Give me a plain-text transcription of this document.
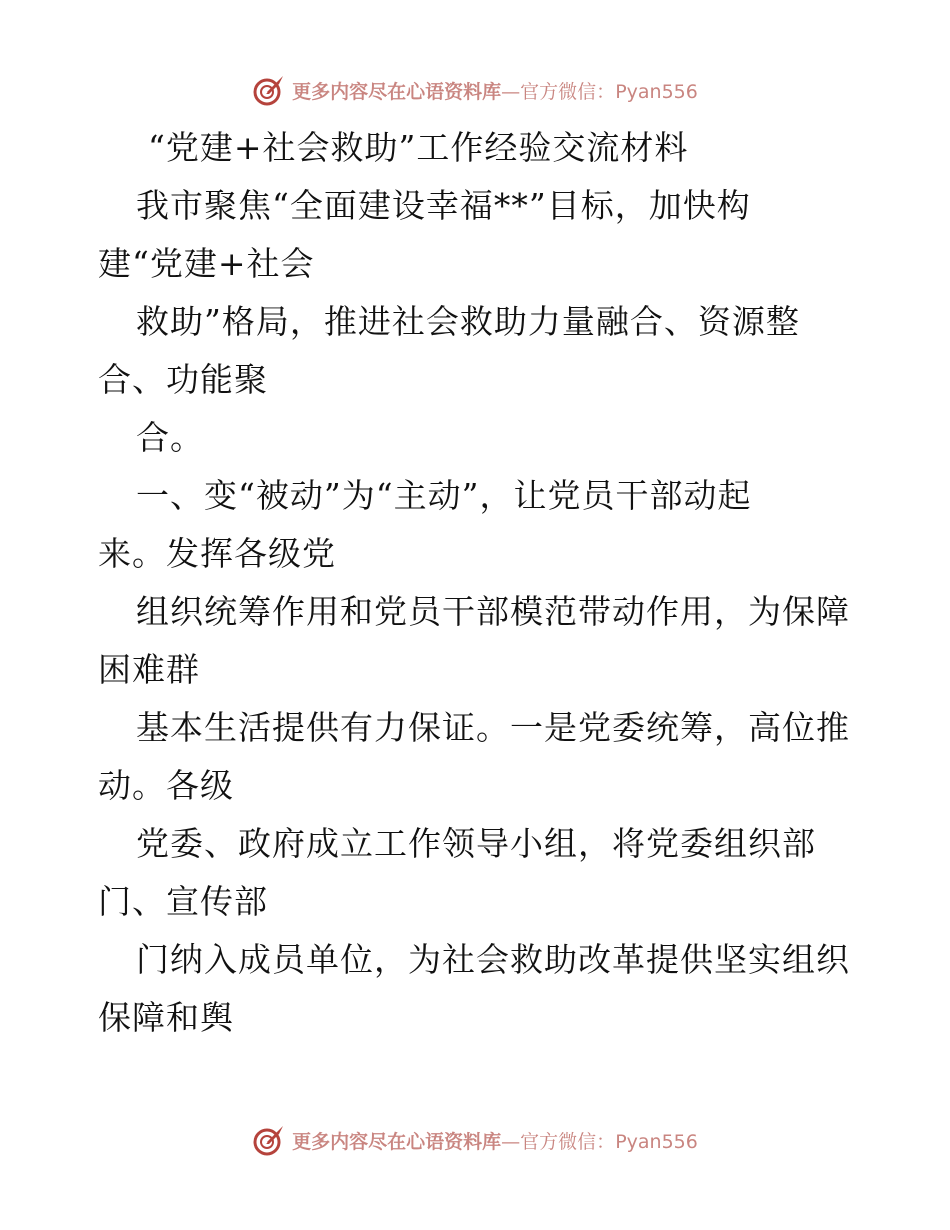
更多内容尽在心语资料库—官方微信：Pyan556
“党建+社会救助”工作经验交流材料
我市聚焦“全面建设幸福**”目标，加快构
建“党建+社会
救助”格局，推进社会救助力量融合、资源整
合、功能聚
合。
一、变“被动”为“主动”，让党员干部动起
来。发挥各级党
组织统筹作用和党员干部模范带动作用，为保障
困难群
基本生活提供有力保证。一是党委统筹，高位推
动。各级
党委、政府成立工作领导小组，将党委组织部
门、宣传部
门纳入成员单位，为社会救助改革提供坚实组织
保障和舆
更多内容尽在心语资料库—官方微信：Pyan556
